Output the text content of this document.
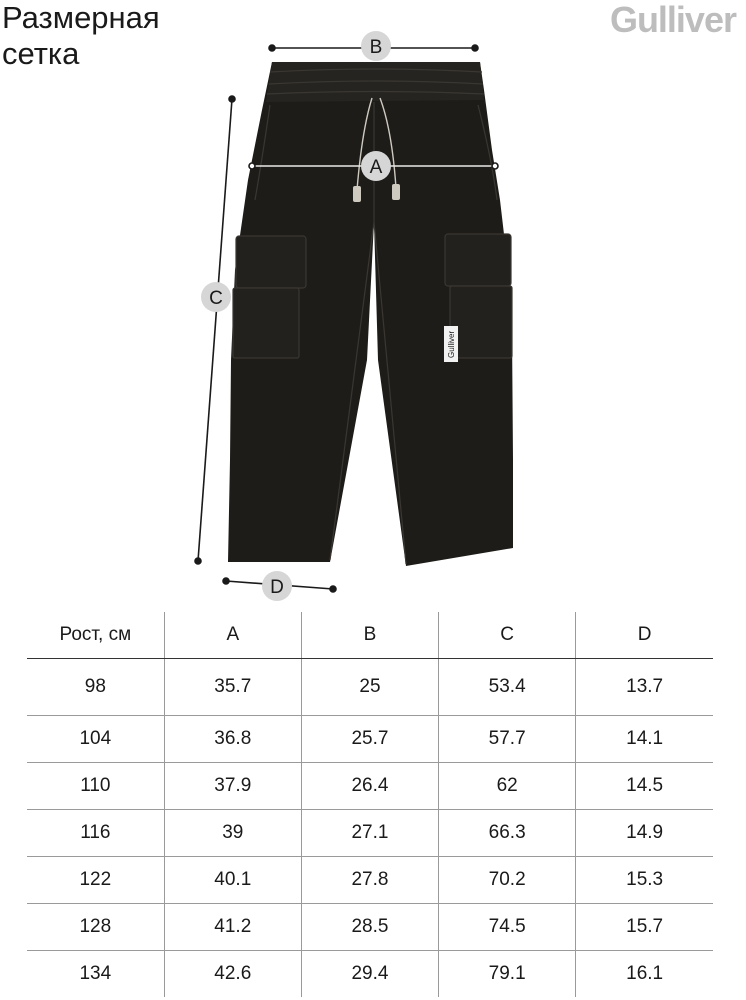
Размерная
сетка
Gulliver
Gulliver
B
A
C
D
Рост, см	A	B	C	D
98	35.7	25	53.4	13.7
104	36.8	25.7	57.7	14.1
110	37.9	26.4	62	14.5
116	39	27.1	66.3	14.9
122	40.1	27.8	70.2	15.3
128	41.2	28.5	74.5	15.7
134	42.6	29.4	79.1	16.1
